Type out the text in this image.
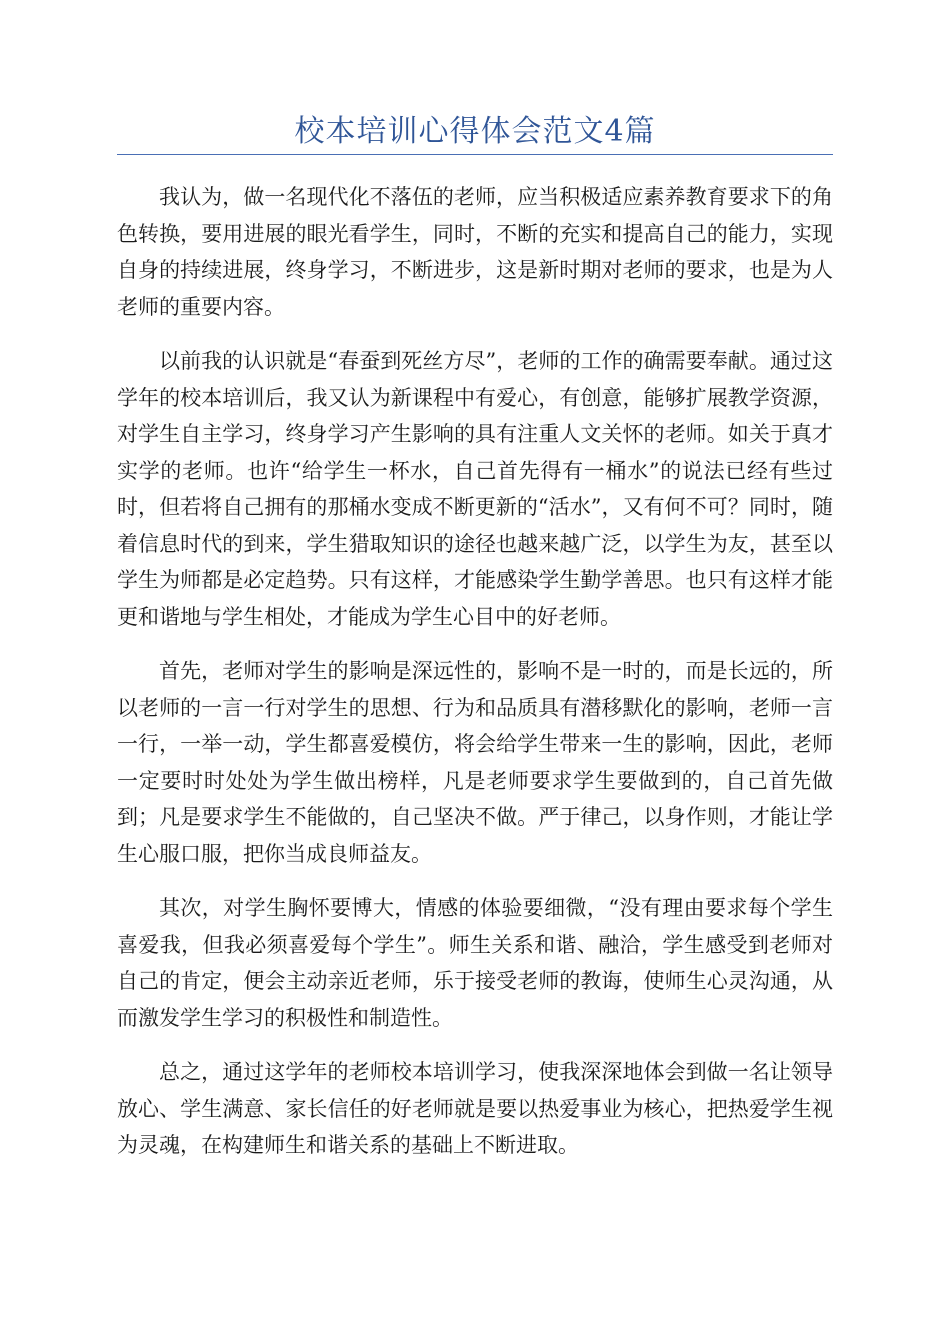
校本培训心得体会范文4篇

我认为，做一名现代化不落伍的老师，应当积极适应素养教育要求下的角色转换，要用进展的眼光看学生，同时，不断的充实和提高自己的能力，实现自身的持续进展，终身学习，不断进步，这是新时期对老师的要求，也是为人老师的重要内容。

以前我的认识就是“春蚕到死丝方尽”，老师的工作的确需要奉献。通过这学年的校本培训后，我又认为新课程中有爱心，有创意，能够扩展教学资源，对学生自主学习，终身学习产生影响的具有注重人文关怀的老师。如关于真才实学的老师。也许“给学生一杯水，自己首先得有一桶水”的说法已经有些过时，但若将自己拥有的那桶水变成不断更新的“活水”，又有何不可？同时，随着信息时代的到来，学生猎取知识的途径也越来越广泛，以学生为友，甚至以学生为师都是必定趋势。只有这样，才能感染学生勤学善思。也只有这样才能更和谐地与学生相处，才能成为学生心目中的好老师。

首先，老师对学生的影响是深远性的，影响不是一时的，而是长远的，所以老师的一言一行对学生的思想、行为和品质具有潜移默化的影响，老师一言一行，一举一动，学生都喜爱模仿，将会给学生带来一生的影响，因此，老师一定要时时处处为学生做出榜样，凡是老师要求学生要做到的，自己首先做到；凡是要求学生不能做的，自己坚决不做。严于律己，以身作则，才能让学生心服口服，把你当成良师益友。

其次，对学生胸怀要博大，情感的体验要细微，“没有理由要求每个学生喜爱我，但我必须喜爱每个学生”。师生关系和谐、融洽，学生感受到老师对自己的肯定，便会主动亲近老师，乐于接受老师的教诲，使师生心灵沟通，从而激发学生学习的积极性和制造性。

总之，通过这学年的老师校本培训学习，使我深深地体会到做一名让领导放心、学生满意、家长信任的好老师就是要以热爱事业为核心，把热爱学生视为灵魂，在构建师生和谐关系的基础上不断进取。
